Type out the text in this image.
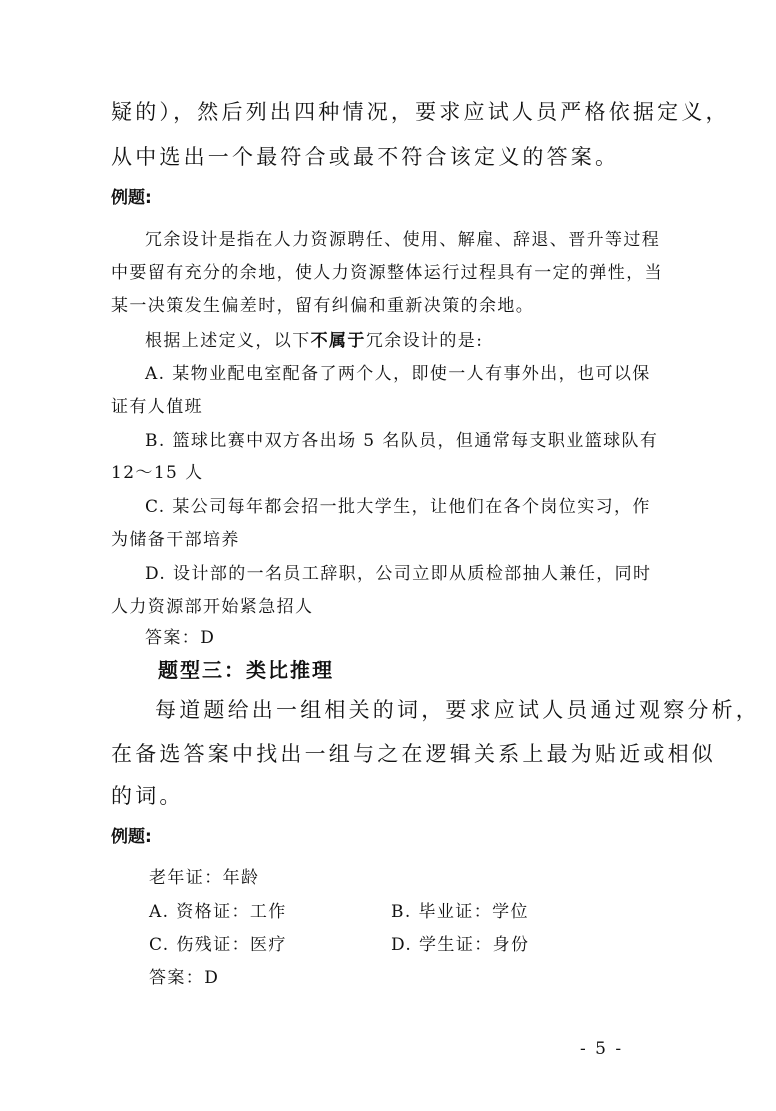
疑的），然后列出四种情况，要求应试人员严格依据定义，
从中选出一个最符合或最不符合该定义的答案。
例题:
冗余设计是指在人力资源聘任、使用、解雇、辞退、晋升等过程
中要留有充分的余地，使人力资源整体运行过程具有一定的弹性，当
某一决策发生偏差时，留有纠偏和重新决策的余地。
根据上述定义，以下不属于冗余设计的是:
A. 某物业配电室配备了两个人，即使一人有事外出，也可以保
证有人值班
B. 篮球比赛中双方各出场 5 名队员，但通常每支职业篮球队有
12～15 人
C. 某公司每年都会招一批大学生，让他们在各个岗位实习，作
为储备干部培养
D. 设计部的一名员工辞职，公司立即从质检部抽人兼任，同时
人力资源部开始紧急招人
答案：D
题型三：类比推理
每道题给出一组相关的词，要求应试人员通过观察分析，
在备选答案中找出一组与之在逻辑关系上最为贴近或相似
的词。
例题:
老年证：年龄
A. 资格证：工作	B. 毕业证：学位
C. 伤残证：医疗	D. 学生证：身份
答案：D
- 5 -
